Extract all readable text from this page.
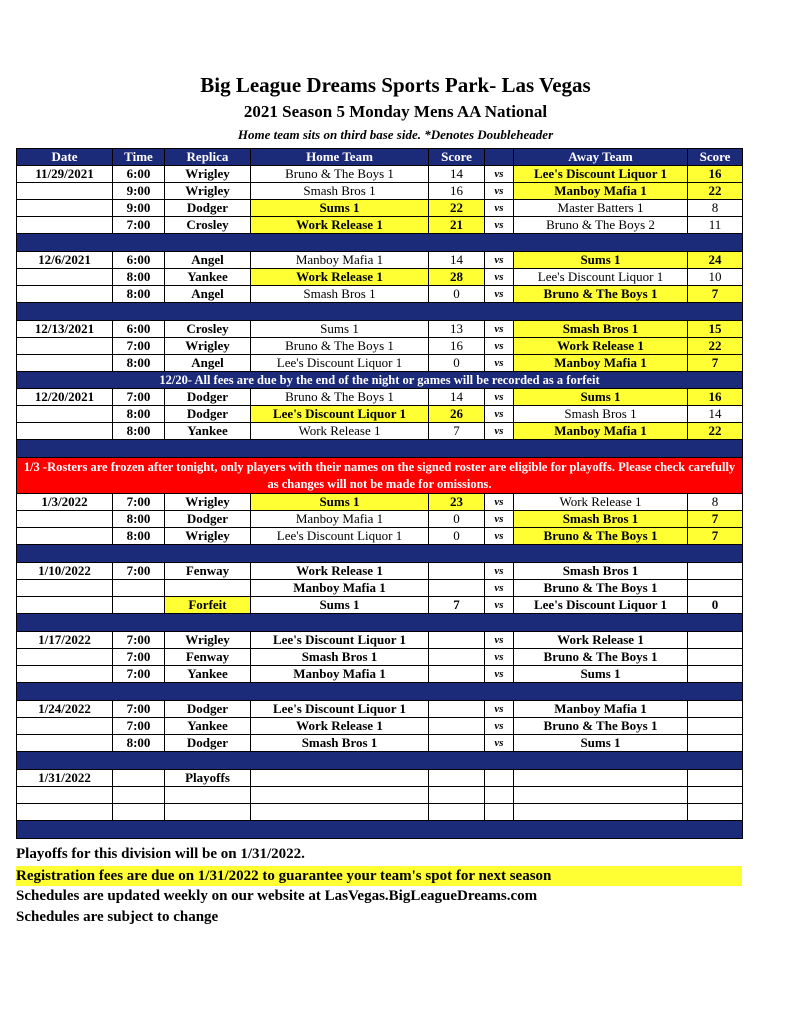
Big League Dreams Sports Park- Las Vegas
2021 Season 5 Monday Mens AA National
Home team sits on third base side. *Denotes Doubleheader
Date	Time	Replica	Home Team	Score		Away Team	Score
11/29/2021	6:00	Wrigley	Bruno & The Boys 1	14	vs	Lee's Discount Liquor 1	16
	9:00	Wrigley	Smash Bros 1	16	vs	Manboy Mafia 1	22
	9:00	Dodger	Sums 1	22	vs	Master Batters 1	8
	7:00	Crosley	Work Release 1	21	vs	Bruno & The Boys 2	11

12/6/2021	6:00	Angel	Manboy Mafia 1	14	vs	Sums 1	24
	8:00	Yankee	Work Release 1	28	vs	Lee's Discount Liquor 1	10
	8:00	Angel	Smash Bros 1	0	vs	Bruno & The Boys 1	7

12/13/2021	6:00	Crosley	Sums 1	13	vs	Smash Bros 1	15
	7:00	Wrigley	Bruno & The Boys 1	16	vs	Work Release 1	22
	8:00	Angel	Lee's Discount Liquor 1	0	vs	Manboy Mafia 1	7
12/20- All fees are due by the end of the night or games will be recorded as a forfeit							
12/20/2021	7:00	Dodger	Bruno & The Boys 1	14	vs	Sums 1	16
	8:00	Dodger	Lee's Discount Liquor 1	26	vs	Smash Bros 1	14
	8:00	Yankee	Work Release 1	7	vs	Manboy Mafia 1	22

1/3 -Rosters are frozen after tonight, only players with their names on the signed roster are eligible for playoffs. Please check carefully as changes will not be made for omissions.							
1/3/2022	7:00	Wrigley	Sums 1	23	vs	Work Release 1	8
	8:00	Dodger	Manboy Mafia 1	0	vs	Smash Bros 1	7
	8:00	Wrigley	Lee's Discount Liquor 1	0	vs	Bruno & The Boys 1	7

1/10/2022	7:00	Fenway	Work Release 1		vs	Smash Bros 1	
			Manboy Mafia 1		vs	Bruno & The Boys 1	
		Forfeit	Sums 1	7	vs	Lee's Discount Liquor 1	0

1/17/2022	7:00	Wrigley	Lee's Discount Liquor 1		vs	Work Release 1	
	7:00	Fenway	Smash Bros 1		vs	Bruno & The Boys 1	
	7:00	Yankee	Manboy Mafia 1		vs	Sums 1	

1/24/2022	7:00	Dodger	Lee's Discount Liquor 1		vs	Manboy Mafia 1	
	7:00	Yankee	Work Release 1		vs	Bruno & The Boys 1	
	8:00	Dodger	Smash Bros 1		vs	Sums 1	

1/31/2022		Playoffs					

Playoffs for this division will be on 1/31/2022.
Registration fees are due on 1/31/2022 to guarantee your team's spot for next season
Schedules are updated weekly on our website at LasVegas.BigLeagueDreams.com
Schedules are subject to change
